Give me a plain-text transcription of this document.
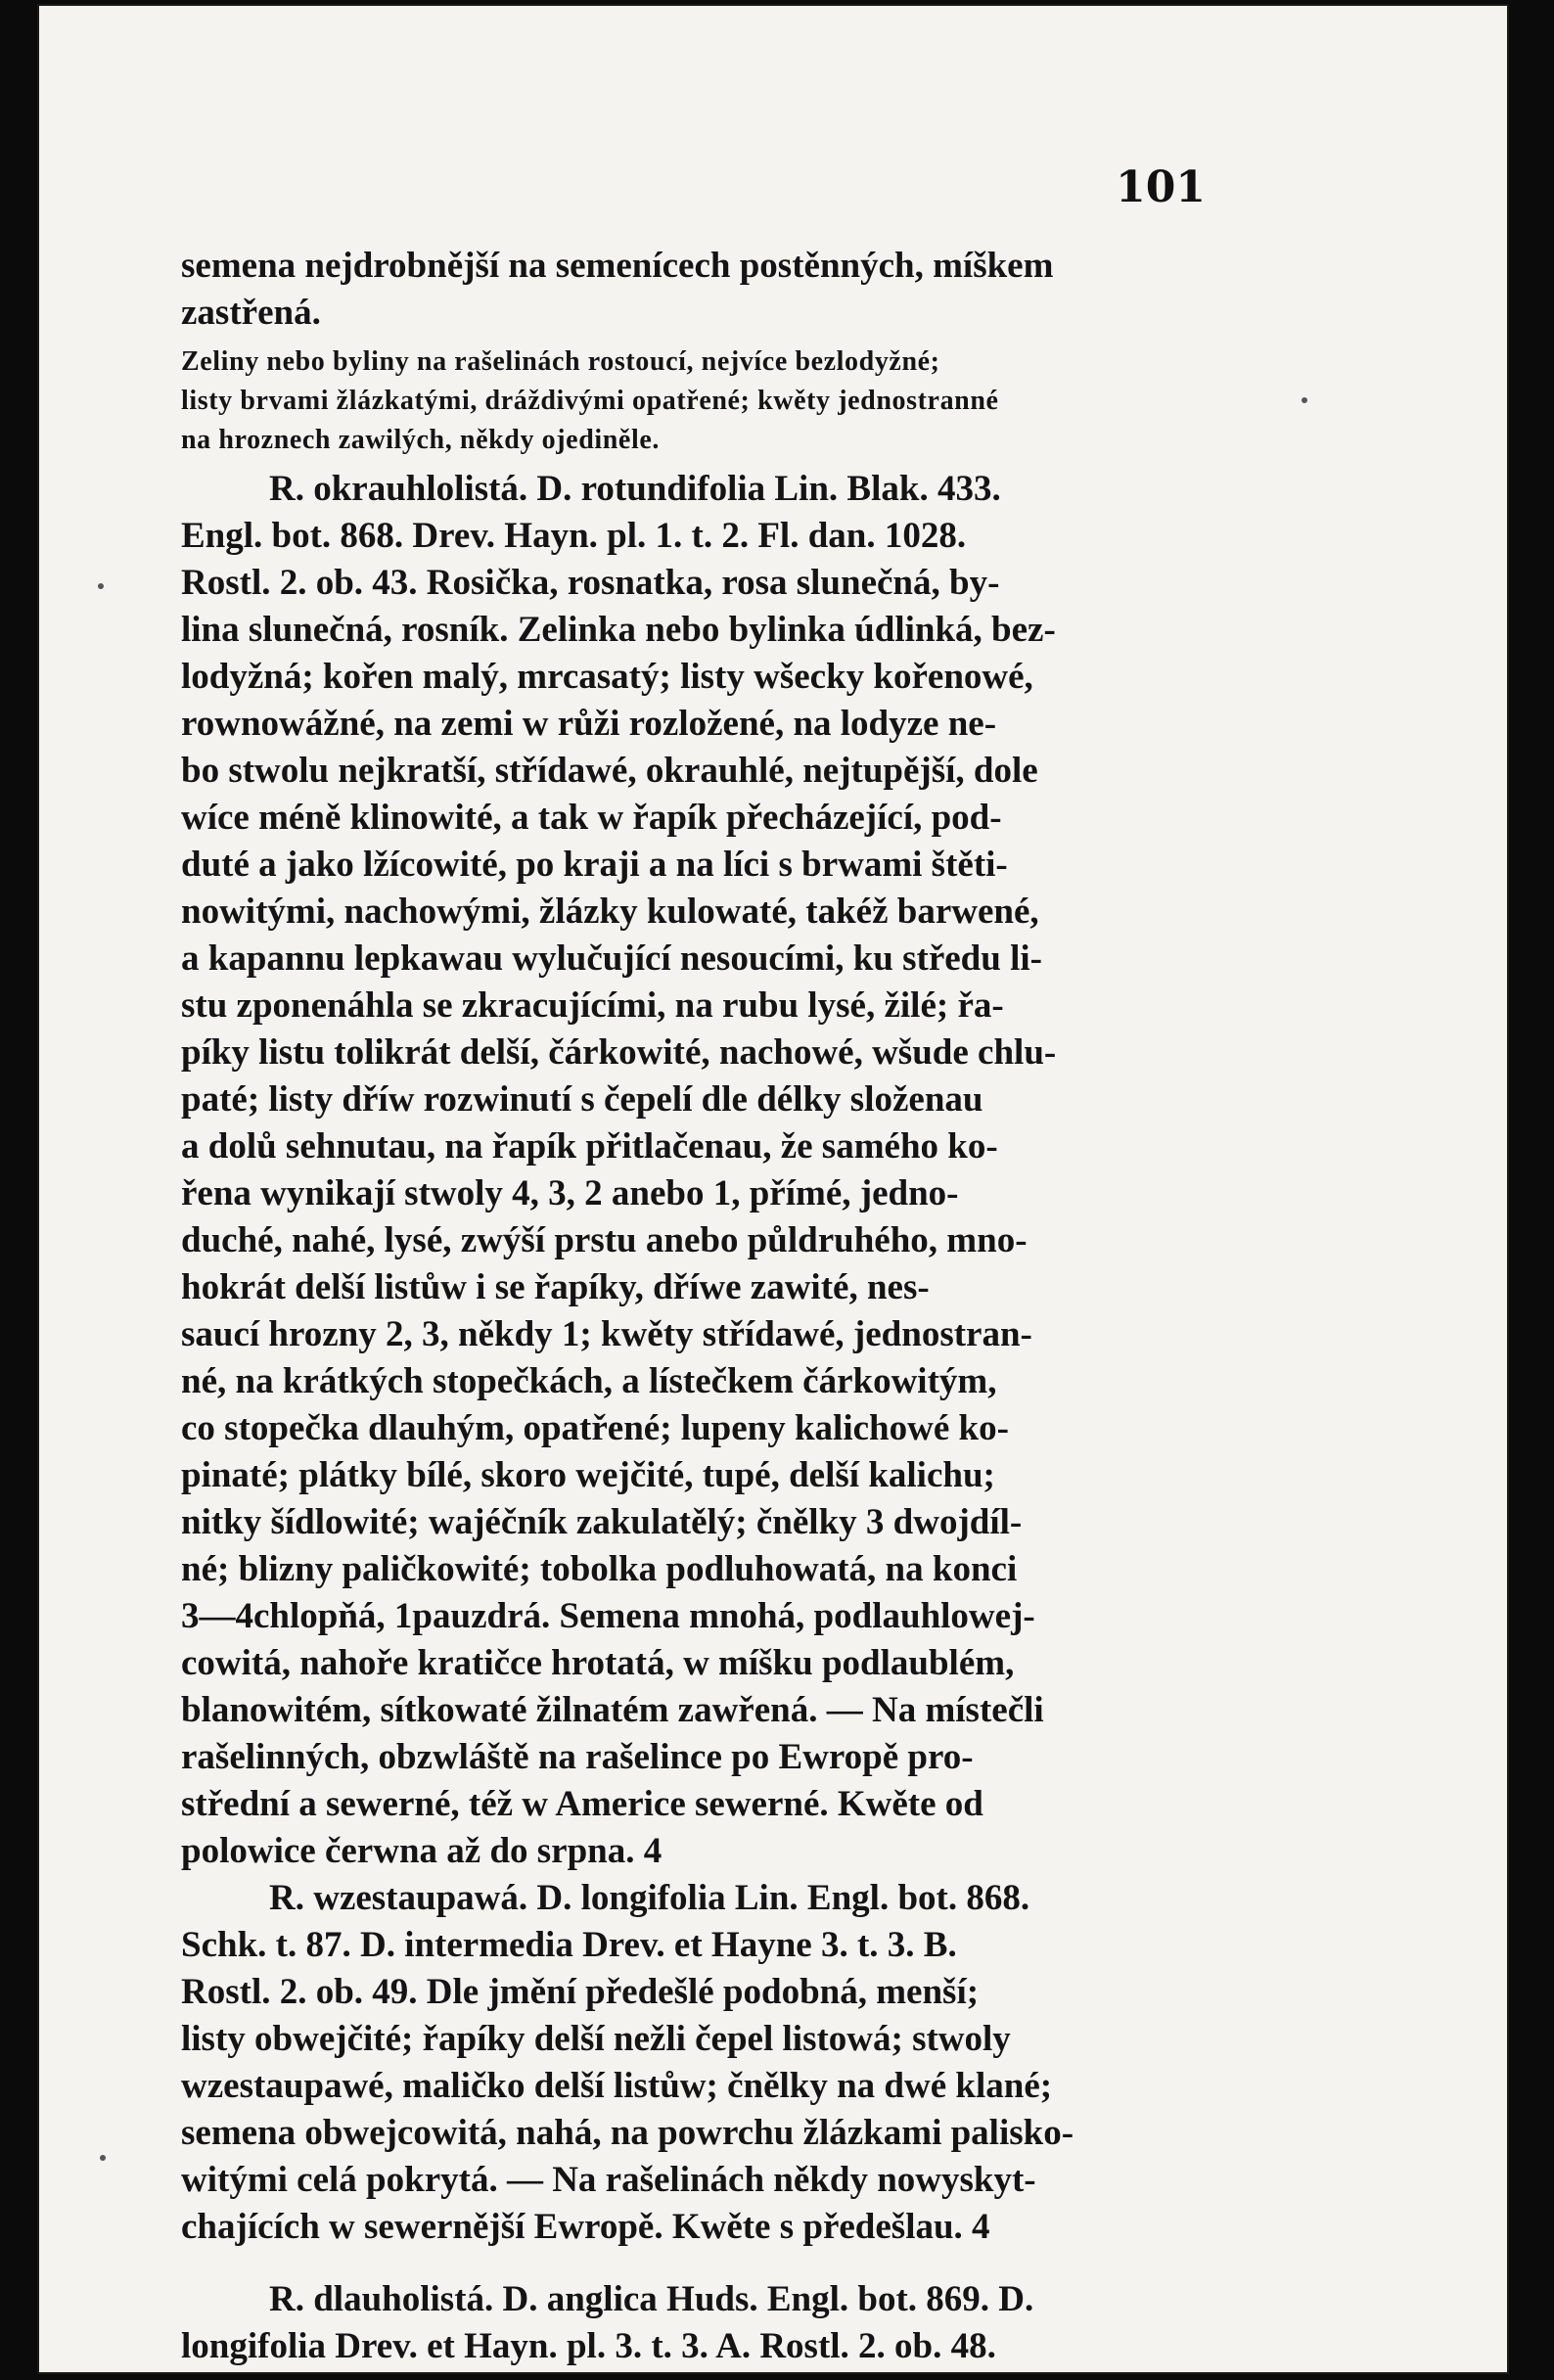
101

semena nejdrobnější na semenícech postěnných, míškem

zastřená.

Zeliny nebo byliny na rašelinách rostoucí, nejvíce bezlodyžné;

listy brvami žlázkatými, dráždivými opatřené; kwěty jednostranné

na hroznech zawilých, někdy ojediněle.

R. okrauhlolistá. D. rotundifolia Lin. Blak. 433.

Engl. bot. 868. Drev. Hayn. pl. 1. t. 2. Fl. dan. 1028.

Rostl. 2. ob. 43. Rosička, rosnatka, rosa slunečná, by-

lina slunečná, rosník. Zelinka nebo bylinka údlinká, bez-

lodyžná; kořen malý, mrcasatý; listy wšecky kořenowé,

rownowážné, na zemi w růži rozložené, na lodyze ne-

bo stwolu nejkratší, střídawé, okrauhlé, nejtupější, dole

wíce méně klinowité, a tak w řapík přecházející, pod-

duté a jako lžícowité, po kraji a na líci s brwami štěti-

nowitými, nachowými, žlázky kulowaté, takéž barwené,

a kapannu lepkawau wylučující nesoucími, ku středu li-

stu zponenáhla se zkracujícími, na rubu lysé, žilé; řa-

píky listu tolikrát delší, čárkowité, nachowé, wšude chlu-

paté; listy dříw rozwinutí s čepelí dle délky složenau

a dolů sehnutau, na řapík přitlačenau, že samého ko-

řena wynikají stwoly 4, 3, 2 anebo 1, přímé, jedno-

duché, nahé, lysé, zwýší prstu anebo půldruhého, mno-

hokrát delší listůw i se řapíky, dříwe zawité, nes-

saucí hrozny 2, 3, někdy 1; kwěty střídawé, jednostran-

né, na krátkých stopečkách, a lístečkem čárkowitým,

co stopečka dlauhým, opatřené; lupeny kalichowé ko-

pinaté; plátky bílé, skoro wejčité, tupé, delší kalichu;

nitky šídlowité; wajéčník zakulatělý; čnělky 3 dwojdíl-

né; blizny paličkowité; tobolka podluhowatá, na konci

3—4chlopňá, 1pauzdrá. Semena mnohá, podlauhlowej-

cowitá, nahoře kratičce hrotatá, w míšku podlaublém,

blanowitém, sítkowaté žilnatém zawřená. — Na místečli

rašelinných, obzwláště na rašelince po Ewropě pro-

střední a sewerné, též w Americe sewerné. Kwěte od

polowice čerwna až do srpna. 4

R. wzestaupawá. D. longifolia Lin. Engl. bot. 868.

Schk. t. 87. D. intermedia Drev. et Hayne 3. t. 3. B.

Rostl. 2. ob. 49. Dle jmění předešlé podobná, menší;

listy obwejčité; řapíky delší nežli čepel listowá; stwoly

wzestaupawé, maličko delší listůw; čnělky na dwé klané;

semena obwejcowitá, nahá, na powrchu žlázkami palisko-

witými celá pokrytá. — Na rašelinách někdy nowyskyt-

chajících w sewernější Ewropě. Kwěte s předešlau. 4

R. dlauholistá. D. anglica Huds. Engl. bot. 869. D.

longifolia Drev. et Hayn. pl. 3. t. 3. A. Rostl. 2. ob. 48.
